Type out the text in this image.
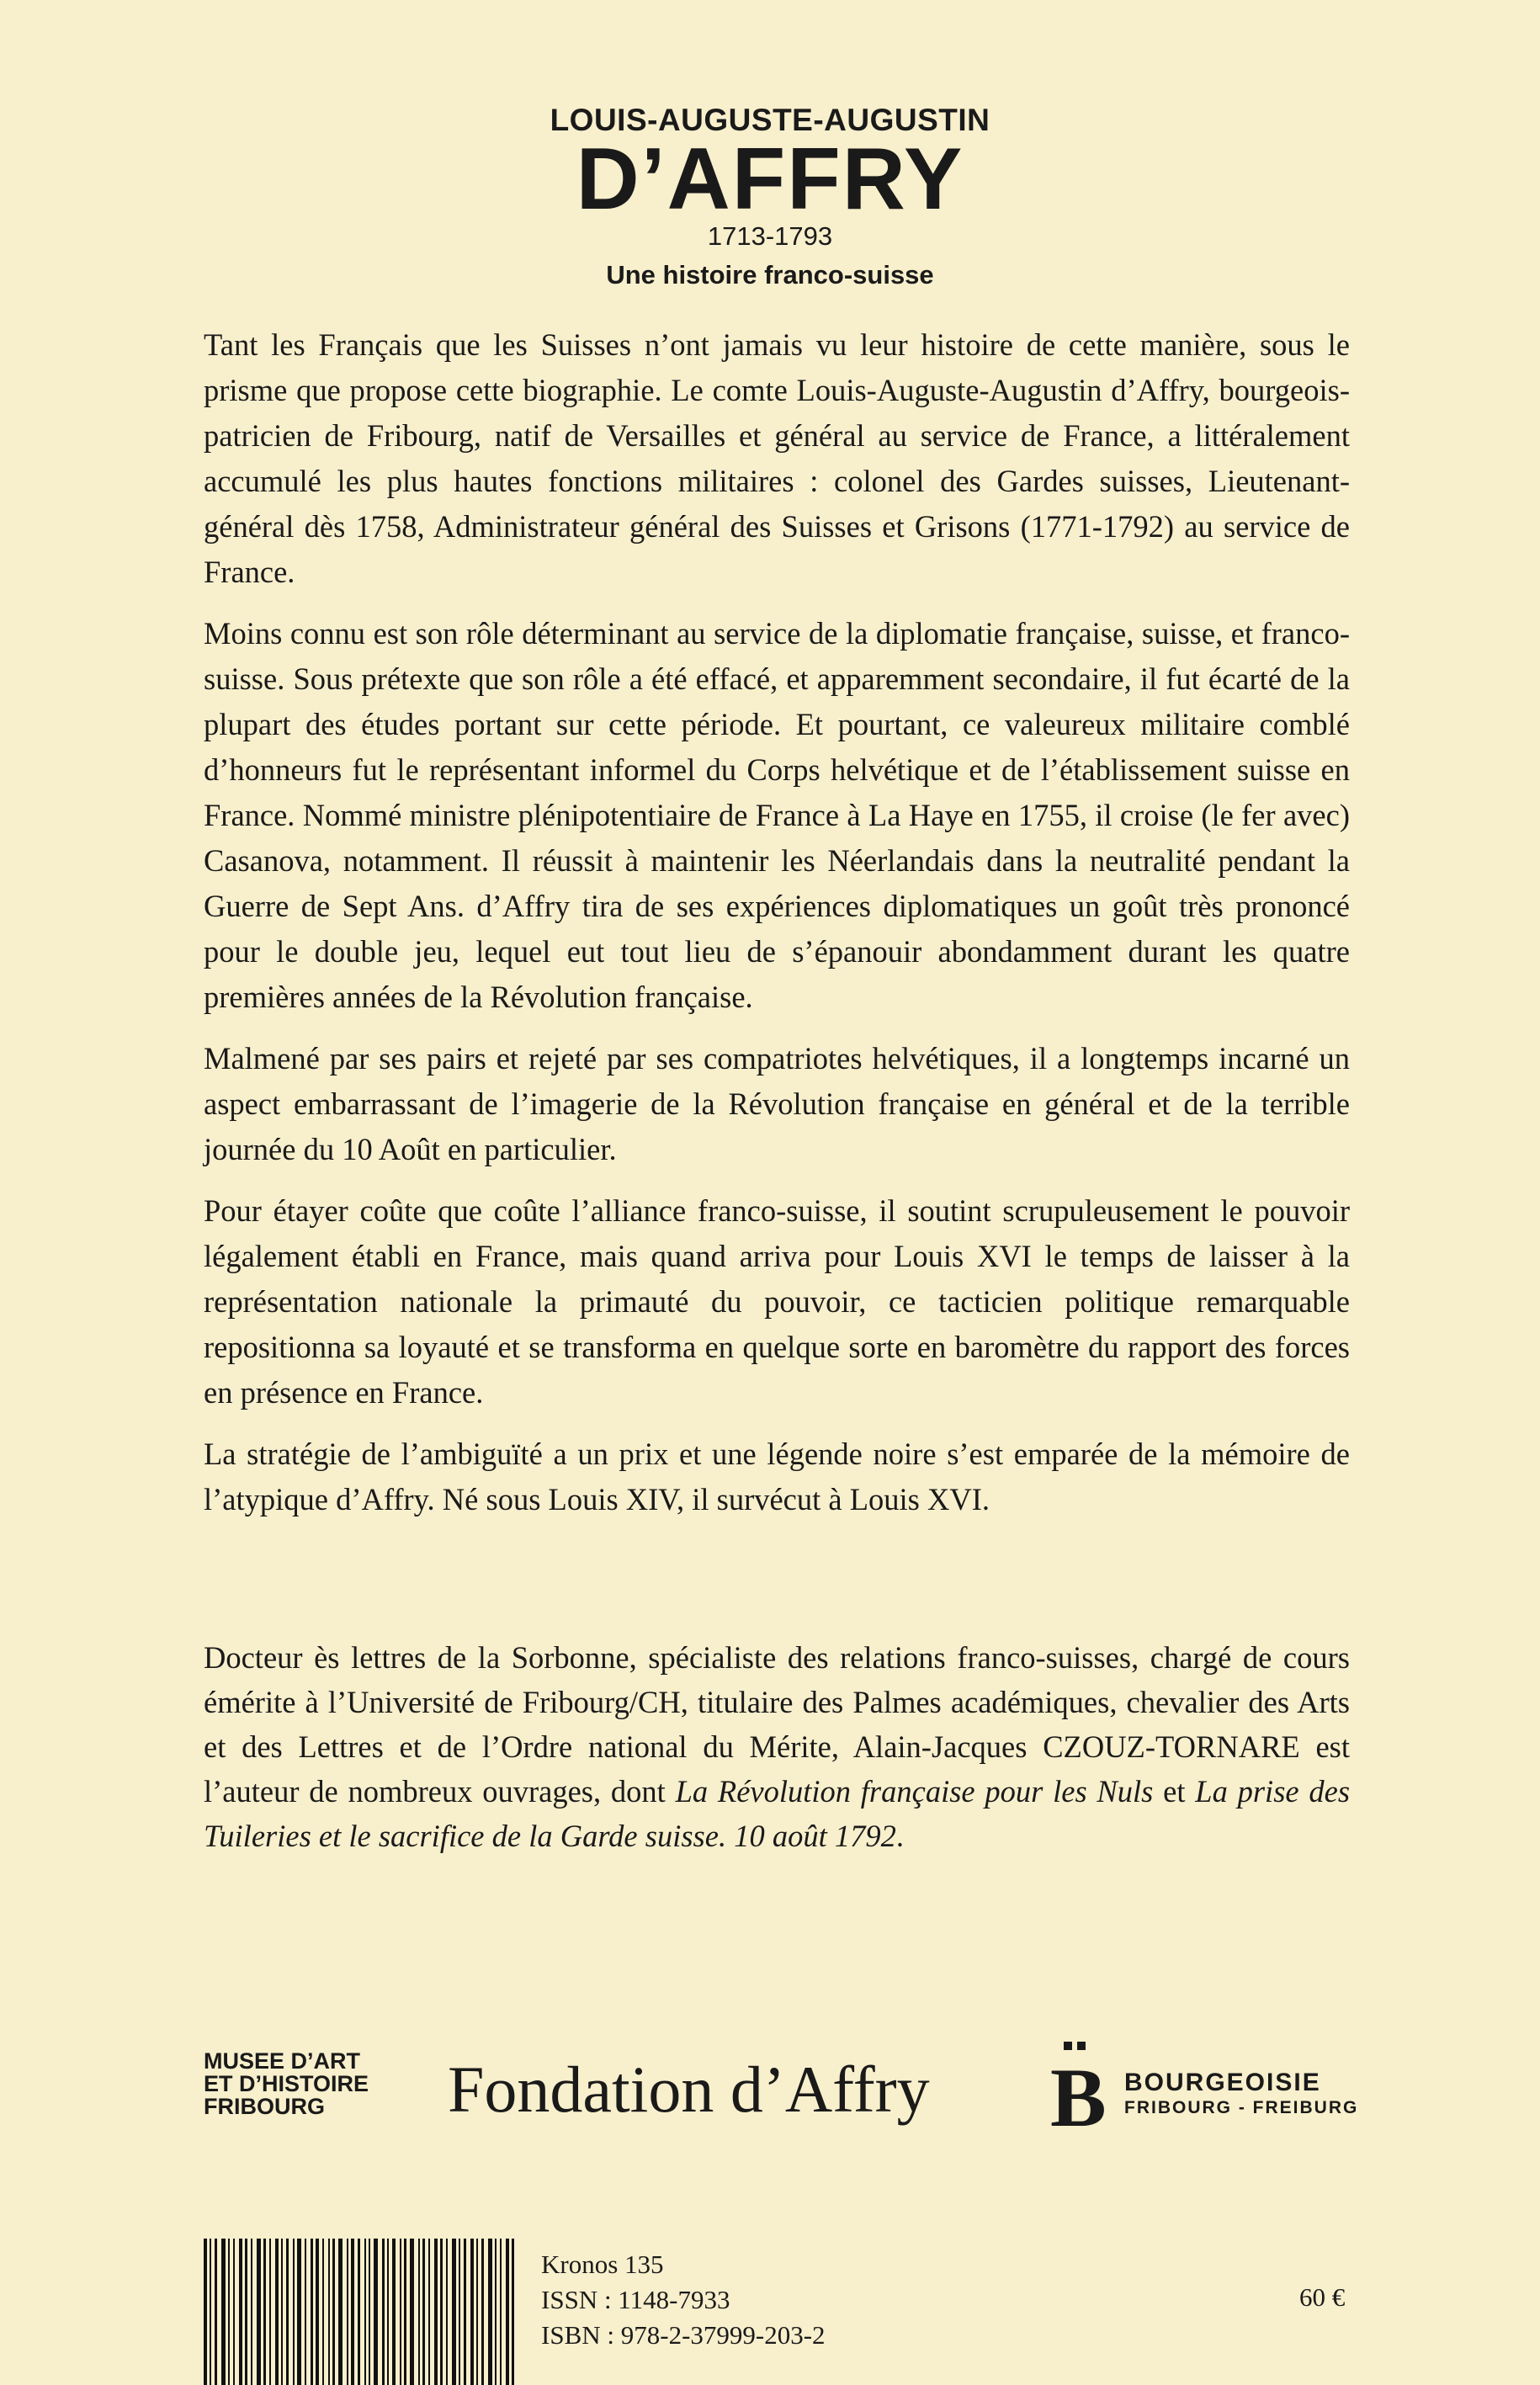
LOUIS-AUGUSTE-AUGUSTIN
D’AFFRY
1713-1793
Une histoire franco-suisse

Tant les Français que les Suisses n’ont jamais vu leur histoire de cette manière, sous le prisme que propose cette biographie. Le comte Louis-Auguste-Augustin d’Affry, bourgeois-patricien de Fribourg, natif de Versailles et général au service de France, a littéralement accumulé les plus hautes fonctions militaires : colonel des Gardes suisses, Lieutenant-général dès 1758, Administrateur général des Suisses et Grisons (1771-1792) au service de France.

Moins connu est son rôle déterminant au service de la diplomatie française, suisse, et franco-suisse. Sous prétexte que son rôle a été effacé, et apparemment secondaire, il fut écarté de la plupart des études portant sur cette période. Et pourtant, ce valeureux militaire comblé d’honneurs fut le représentant informel du Corps helvétique et de l’établissement suisse en France. Nommé ministre plénipotentiaire de France à La Haye en 1755, il croise (le fer avec) Casanova, notamment. Il réussit à maintenir les Néerlandais dans la neutralité pendant la Guerre de Sept Ans. d’Affry tira de ses expériences diplomatiques un goût très prononcé pour le double jeu, lequel eut tout lieu de s’épanouir abondamment durant les quatre premières années de la Révolution française.

Malmené par ses pairs et rejeté par ses compatriotes helvétiques, il a longtemps incarné un aspect embarrassant de l’imagerie de la Révolution française en général et de la terrible journée du 10 Août en particulier.

Pour étayer coûte que coûte l’alliance franco-suisse, il soutint scrupuleusement le pouvoir légalement établi en France, mais quand arriva pour Louis XVI le temps de laisser à la représentation nationale la primauté du pouvoir, ce tacticien politique remarquable repositionna sa loyauté et se transforma en quelque sorte en baromètre du rapport des forces en présence en France.

La stratégie de l’ambiguïté a un prix et une légende noire s’est emparée de la mémoire de l’atypique d’Affry. Né sous Louis XIV, il survécut à Louis XVI.

Docteur ès lettres de la Sorbonne, spécialiste des relations franco-suisses, chargé de cours émérite à l’Université de Fribourg/CH, titulaire des Palmes académiques, chevalier des Arts et des Lettres et de l’Ordre national du Mérite, Alain-Jacques CZOUZ-TORNARE est l’auteur de nombreux ouvrages, dont La Révolution française pour les Nuls et La prise des Tuileries et le sacrifice de la Garde suisse. 10 août 1792.

MUSEE D’ART
ET D’HISTOIRE
FRIBOURG	Fondation d’Affry B BOURGEOISIE
FRIBOURG - FREIBURG
Kronos 135
ISSN : 1148-7933
ISBN : 978-2-37999-203-2
60 €
